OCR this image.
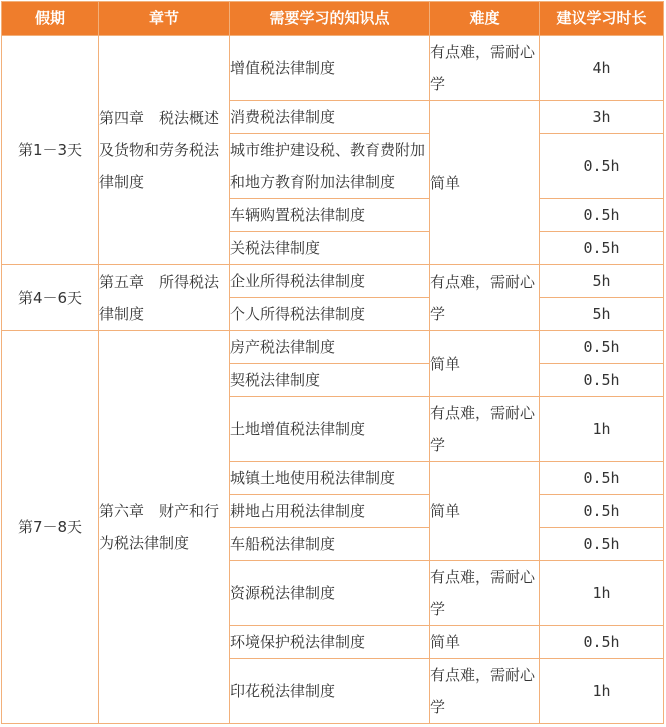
假期	章节	需要学习的知识点	难度	建议学习时长
第1－3天	第四章　税法概述及货物和劳务税法律制度	增值税法律制度	有点难，需耐心学	4h
		消费税法律制度	简单	3h
		城市维护建设税、教育费附加和地方教育附加法律制度		0.5h
		车辆购置税法律制度		0.5h
		关税法律制度		0.5h
第4－6天	第五章　所得税法律制度	企业所得税法律制度	有点难，需耐心学	5h
		个人所得税法律制度		5h
第7－8天	第六章　财产和行为税法律制度	房产税法律制度	简单	0.5h
		契税法律制度		0.5h
		土地增值税法律制度	有点难，需耐心学	1h
		城镇土地使用税法律制度	简单	0.5h
		耕地占用税法律制度		0.5h
		车船税法律制度		0.5h
		资源税法律制度	有点难，需耐心学	1h
		环境保护税法律制度	简单	0.5h
		印花税法律制度	有点难，需耐心学	1h
